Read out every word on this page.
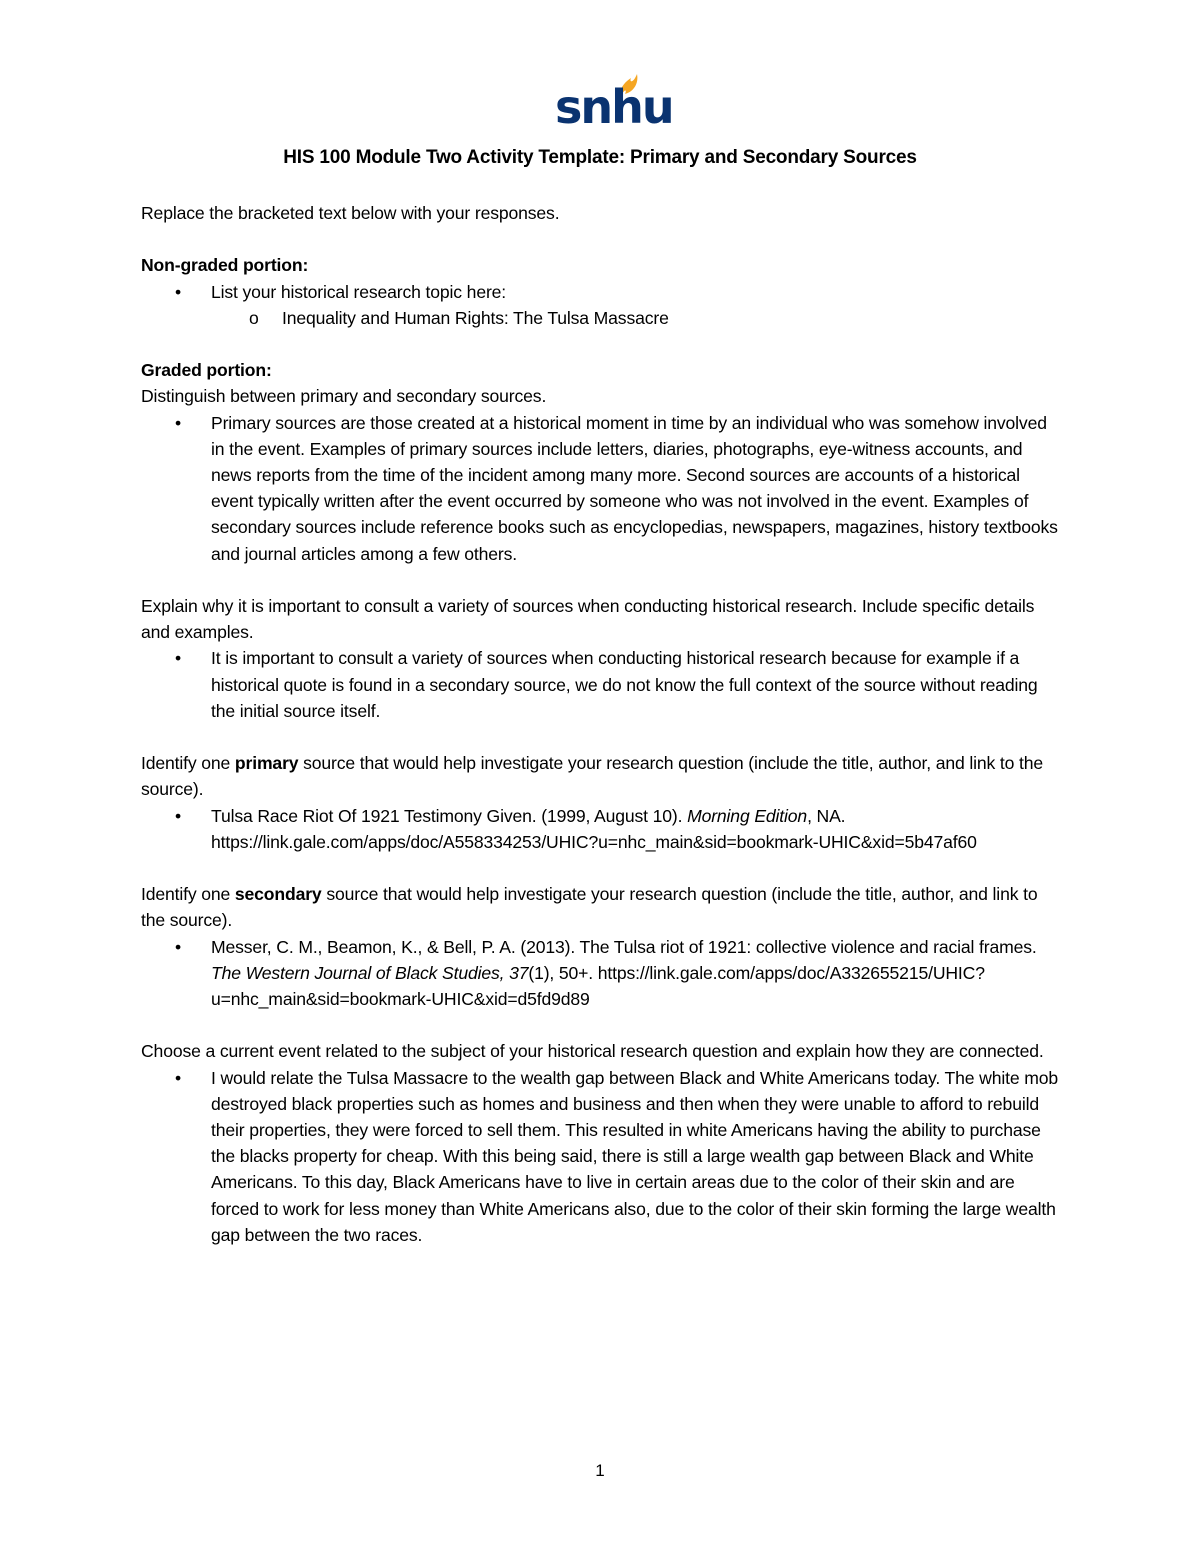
snhu
HIS 100 Module Two Activity Template: Primary and Secondary Sources

Replace the bracketed text below with your responses.

Non-graded portion:

• List your historical research topic here:
o Inequality and Human Rights: The Tulsa Massacre

Graded portion:

Distinguish between primary and secondary sources.

• Primary sources are those created at a historical moment in time by an individual who was somehow involved in the event. Examples of primary sources include letters, diaries, photographs, eye-witness accounts, and news reports from the time of the incident among many more. Second sources are accounts of a historical event typically written after the event occurred by someone who was not involved in the event. Examples of secondary sources include reference books such as encyclopedias, newspapers, magazines, history textbooks and journal articles among a few others.

Explain why it is important to consult a variety of sources when conducting historical research. Include specific details and examples.

• It is important to consult a variety of sources when conducting historical research because for example if a historical quote is found in a secondary source, we do not know the full context of the source without reading the initial source itself.

Identify one primary source that would help investigate your research question (include the title, author, and link to the source).

• Tulsa Race Riot Of 1921 Testimony Given. (1999, August 10). Morning Edition, NA. https://link.gale.com/apps/doc/A558334253/UHIC?u=nhc_main&sid=bookmark-UHIC&xid=5b47af60

Identify one secondary source that would help investigate your research question (include the title, author, and link to the source).

• Messer, C. M., Beamon, K., & Bell, P. A. (2013). The Tulsa riot of 1921: collective violence and racial frames. The Western Journal of Black Studies, 37(1), 50+. https://link.gale.com/apps/doc/A332655215/UHIC?u=nhc_main&sid=bookmark-UHIC&xid=d5fd9d89

Choose a current event related to the subject of your historical research question and explain how they are connected.

• I would relate the Tulsa Massacre to the wealth gap between Black and White Americans today. The white mob destroyed black properties such as homes and business and then when they were unable to afford to rebuild their properties, they were forced to sell them. This resulted in white Americans having the ability to purchase the blacks property for cheap. With this being said, there is still a large wealth gap between Black and White Americans. To this day, Black Americans have to live in certain areas due to the color of their skin and are forced to work for less money than White Americans also, due to the color of their skin forming the large wealth gap between the two races.
1
